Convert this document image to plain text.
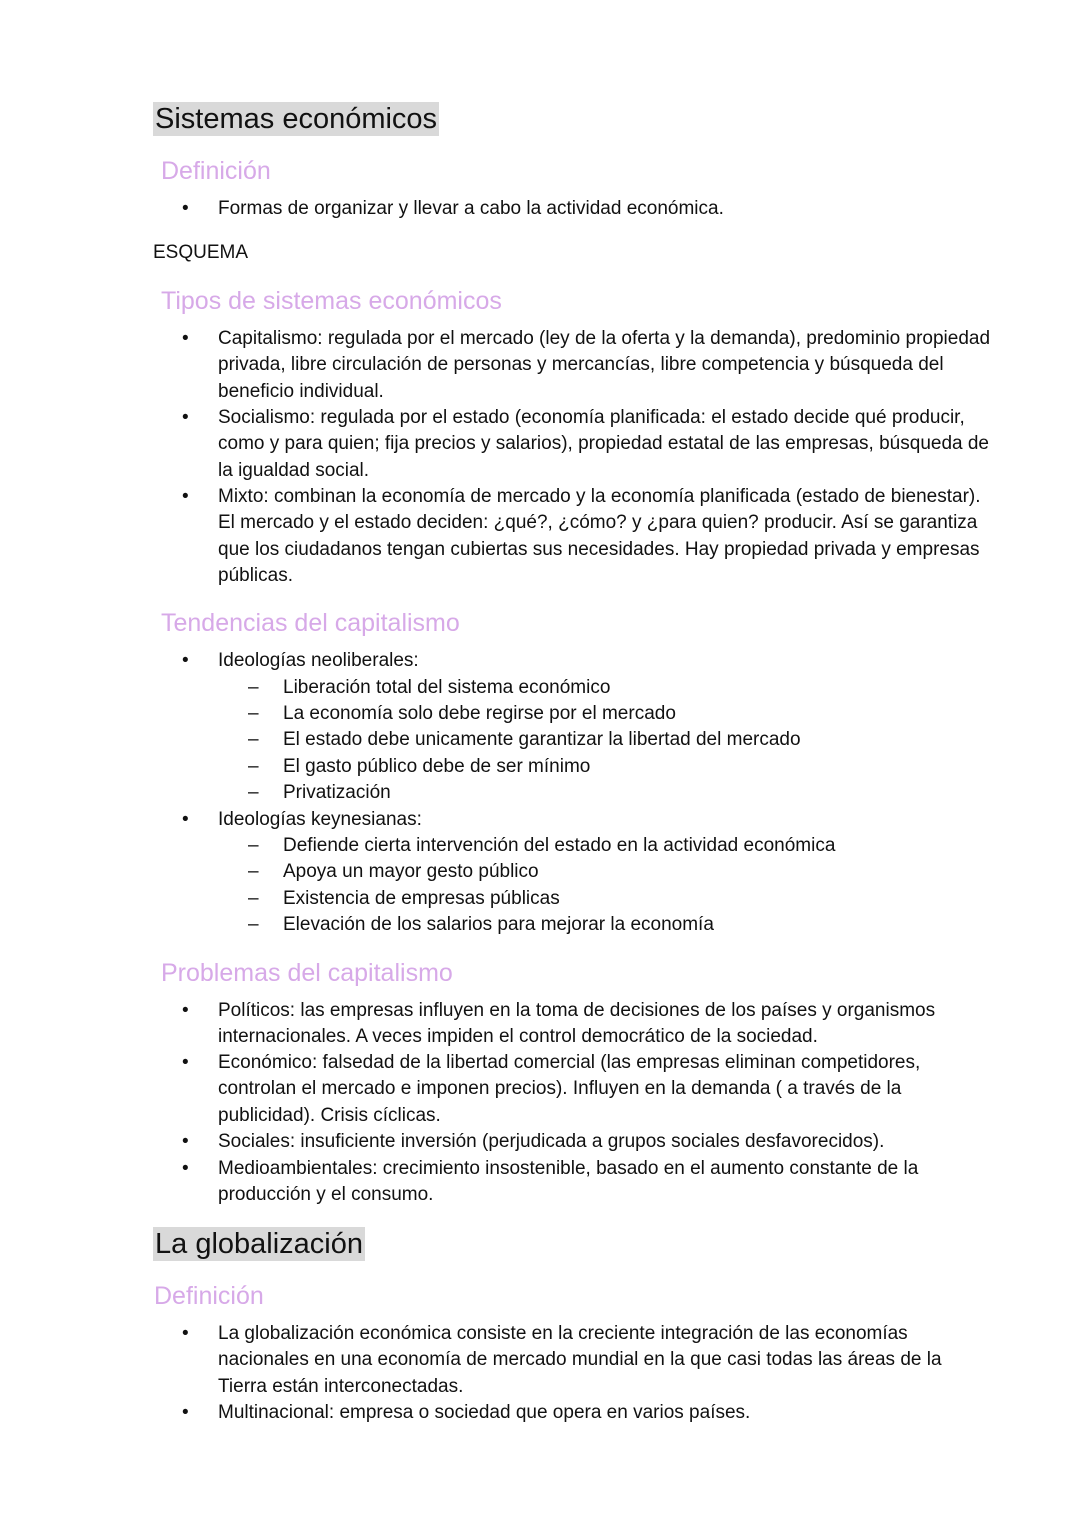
Sistemas económicos
Definición
•	Formas de organizar y llevar a cabo la actividad económica.
ESQUEMA
Tipos de sistemas económicos
•	Capitalismo: regulada por el mercado (ley de la oferta y la demanda), predominio propiedad privada, libre circulación de personas y mercancías, libre competencia y búsqueda del beneficio individual.
•	Socialismo: regulada por el estado (economía planificada: el estado decide qué producir, como y para quien; fija precios y salarios), propiedad estatal de las empresas, búsqueda de la igualdad social.
•	Mixto: combinan la economía de mercado y la economía planificada (estado de bienestar). El mercado y el estado deciden: ¿qué?, ¿cómo? y ¿para quien? producir. Así se garantiza que los ciudadanos tengan cubiertas sus necesidades. Hay propiedad privada y empresas públicas.
Tendencias del capitalismo
•	Ideologías neoliberales:
– Liberación total del sistema económico
– La economía solo debe regirse por el mercado
– El estado debe unicamente garantizar la libertad del mercado
– El gasto público debe de ser mínimo
– Privatización
•	Ideologías keynesianas:
– Defiende cierta intervención del estado en la actividad económica
– Apoya un mayor gesto público
– Existencia de empresas públicas
– Elevación de los salarios para mejorar la economía
Problemas del capitalismo
•	Políticos: las empresas influyen en la toma de decisiones de los países y organismos internacionales. A veces impiden el control democrático de la sociedad.
•	Económico: falsedad de la libertad comercial (las empresas eliminan competidores, controlan el mercado e imponen precios). Influyen en la demanda ( a través de la publicidad). Crisis cíclicas.
•	Sociales: insuficiente inversión (perjudicada a grupos sociales desfavorecidos).
•	Medioambientales: crecimiento insostenible, basado en el aumento constante de la producción y el consumo.
La globalización
Definición
•	La globalización económica consiste en la creciente integración de las economías nacionales en una economía de mercado mundial en la que casi todas las áreas de la Tierra están interconectadas.
•	Multinacional: empresa o sociedad que opera en varios países.
